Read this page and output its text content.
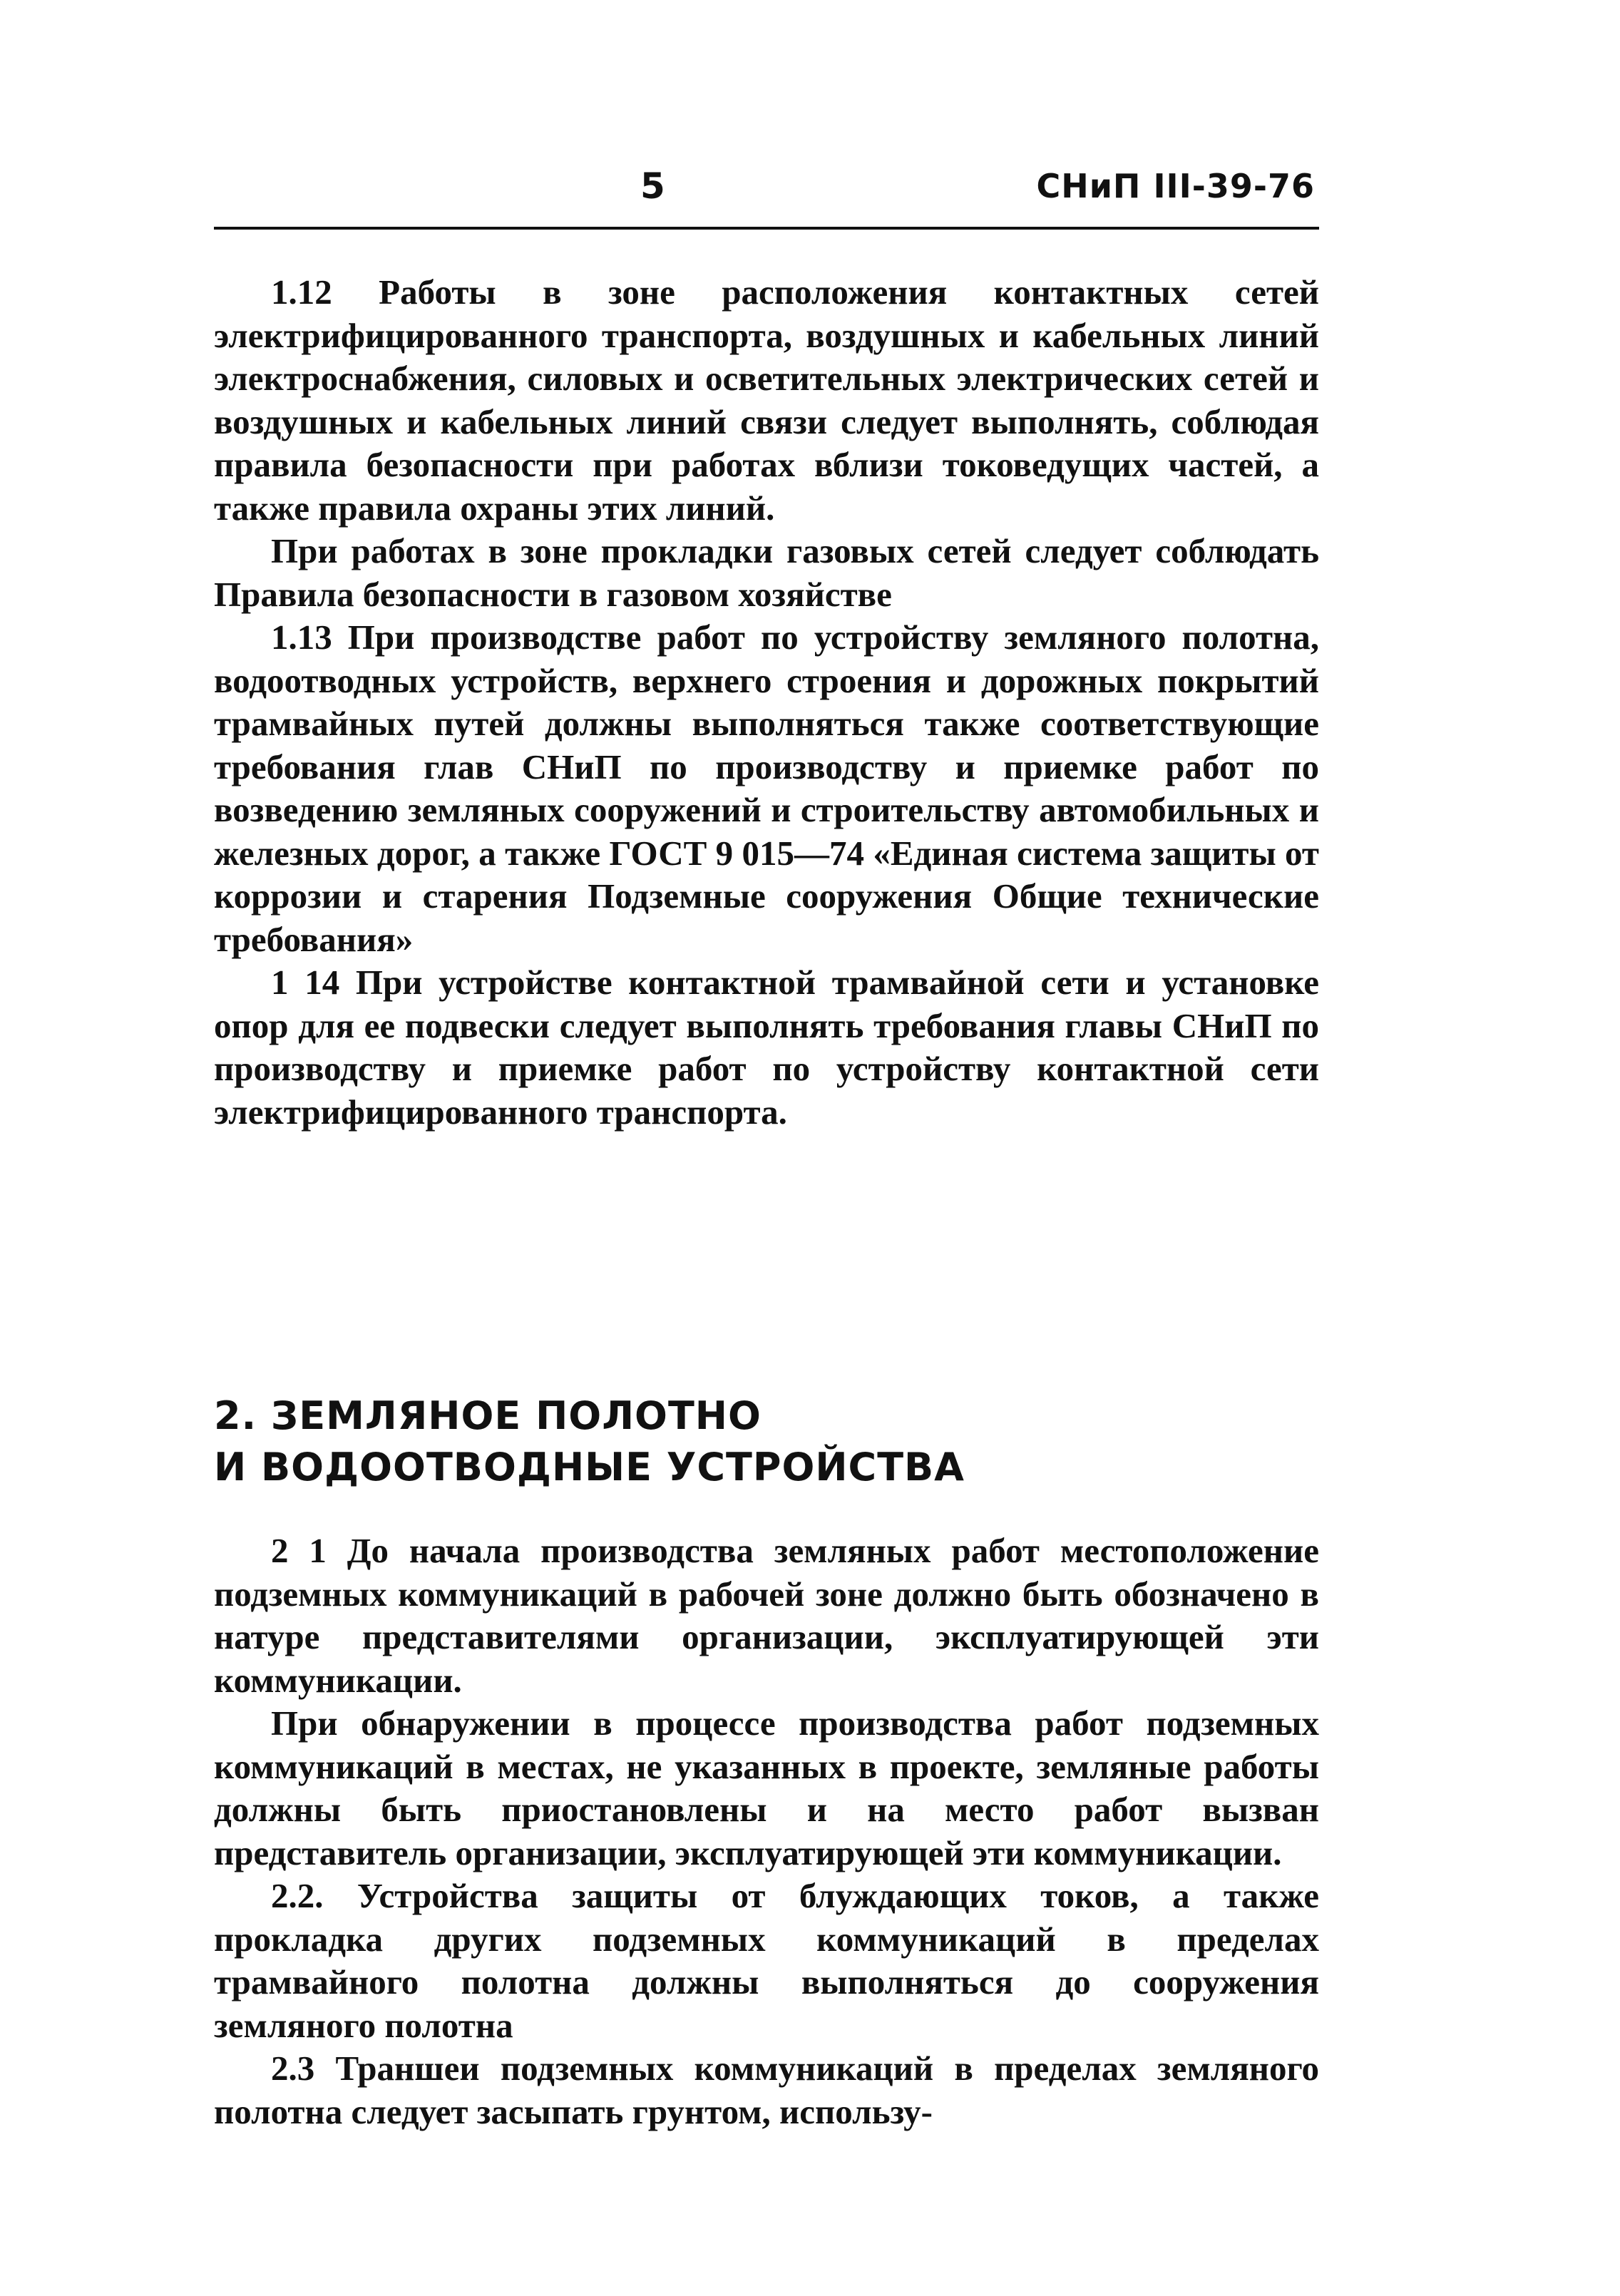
5	СНиП III-39-76

1.12 Работы в зоне расположения контактных сетей электрифицированного транспорта, воздушных и кабельных линий электроснабжения, силовых и осветительных электрических сетей и воздушных и кабельных линий связи следует выполнять, соблюдая правила безопасности при работах вблизи токоведущих частей, а также правила охраны этих линий.

При работах в зоне прокладки газовых сетей следует соблюдать Правила безопасности в газовом хозяйстве

1.13 При производстве работ по устройству земляного полотна, водоотводных устройств, верхнего строения и дорожных покрытий трамвайных путей должны выполняться также соответствующие требования глав СНиП по производству и приемке работ по возведению земляных сооружений и строительству автомобильных и железных дорог, а также ГОСТ 9 015—74 «Единая система защиты от коррозии и старения Подземные сооружения Общие технические требования»

1 14 При устройстве контактной трамвайной сети и установке опор для ее подвески следует выполнять требования главы СНиП по производству и приемке работ по устройству контактной сети электрифицированного транспорта.

2. ЗЕМЛЯНОЕ ПОЛОТНО

И ВОДООТВОДНЫЕ УСТРОЙСТВА

2 1 До начала производства земляных работ местоположение подземных коммуникаций в рабочей зоне должно быть обозначено в натуре представителями организации, эксплуатирующей эти коммуникации.

При обнаружении в процессе производства работ подземных коммуникаций в местах, не указанных в проекте, земляные работы должны быть приостановлены и на место работ вызван представитель организации, эксплуатирующей эти коммуникации.

2.2. Устройства защиты от блуждающих токов, а также прокладка других подземных коммуникаций в пределах трамвайного полотна должны выполняться до сооружения земляного полотна

2.3 Траншеи подземных коммуникаций в пределах земляного полотна следует засыпать грунтом, использу-
